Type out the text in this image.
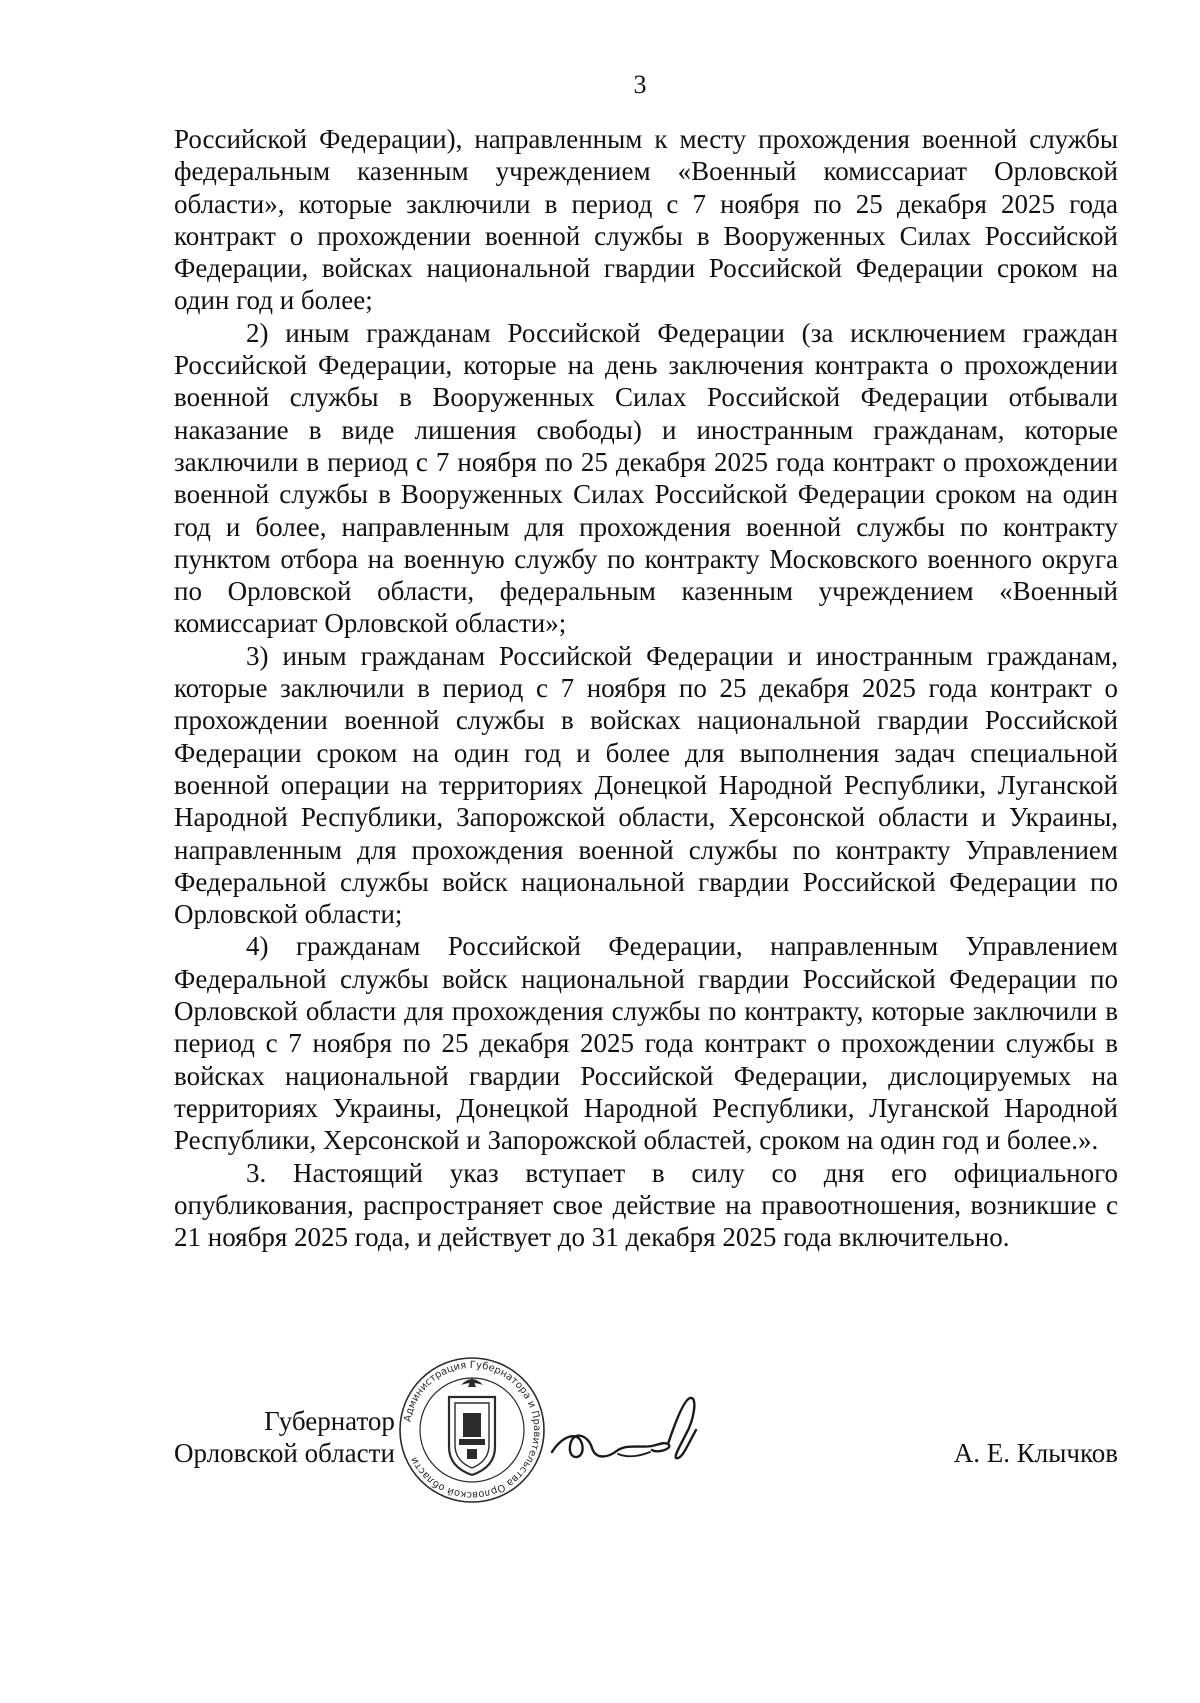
3

Российской Федерации), направленным к месту прохождения военной службы федеральным казенным учреждением «Военный комиссариат Орловской области», которые заключили в период с 7 ноября по 25 декабря 2025 года контракт о прохождении военной службы в Вооруженных Силах Российской Федерации, войсках национальной гвардии Российской Федерации сроком на один год и более;

2) иным гражданам Российской Федерации (за исключением граждан Российской Федерации, которые на день заключения контракта о прохождении военной службы в Вооруженных Силах Российской Федерации отбывали наказание в виде лишения свободы) и иностранным гражданам, которые заключили в период с 7 ноября по 25 декабря 2025 года контракт о прохождении военной службы в Вооруженных Силах Российской Федерации сроком на один год и более, направленным для прохождения военной службы по контракту пунктом отбора на военную службу по контракту Московского военного округа по Орловской области, федеральным казенным учреждением «Военный комиссариат Орловской области»;

3) иным гражданам Российской Федерации и иностранным гражданам, которые заключили в период с 7 ноября по 25 декабря 2025 года контракт о прохождении военной службы в войсках национальной гвардии Российской Федерации сроком на один год и более для выполнения задач специальной военной операции на территориях Донецкой Народной Республики, Луганской Народной Республики, Запорожской области, Херсонской области и Украины, направленным для прохождения военной службы по контракту Управлением Федеральной службы войск национальной гвардии Российской Федерации по Орловской области;

4) гражданам Российской Федерации, направленным Управлением Федеральной службы войск национальной гвардии Российской Федерации по Орловской области для прохождения службы по контракту, которые заключили в период с 7 ноября по 25 декабря 2025 года контракт о прохождении службы в войсках национальной гвардии Российской Федерации, дислоцируемых на территориях Украины, Донецкой Народной Республики, Луганской Народной Республики, Херсонской и Запорожской областей, сроком на один год и более.».

3. Настоящий указ вступает в силу со дня его официального опубликования, распространяет свое действие на правоотношения, возникшие с 21 ноября 2025 года, и действует до 31 декабря 2025 года включительно.

Губернатор
Орловской области	А. Е. Клычков
Администрация Губернатора и Правительства Орловской области
